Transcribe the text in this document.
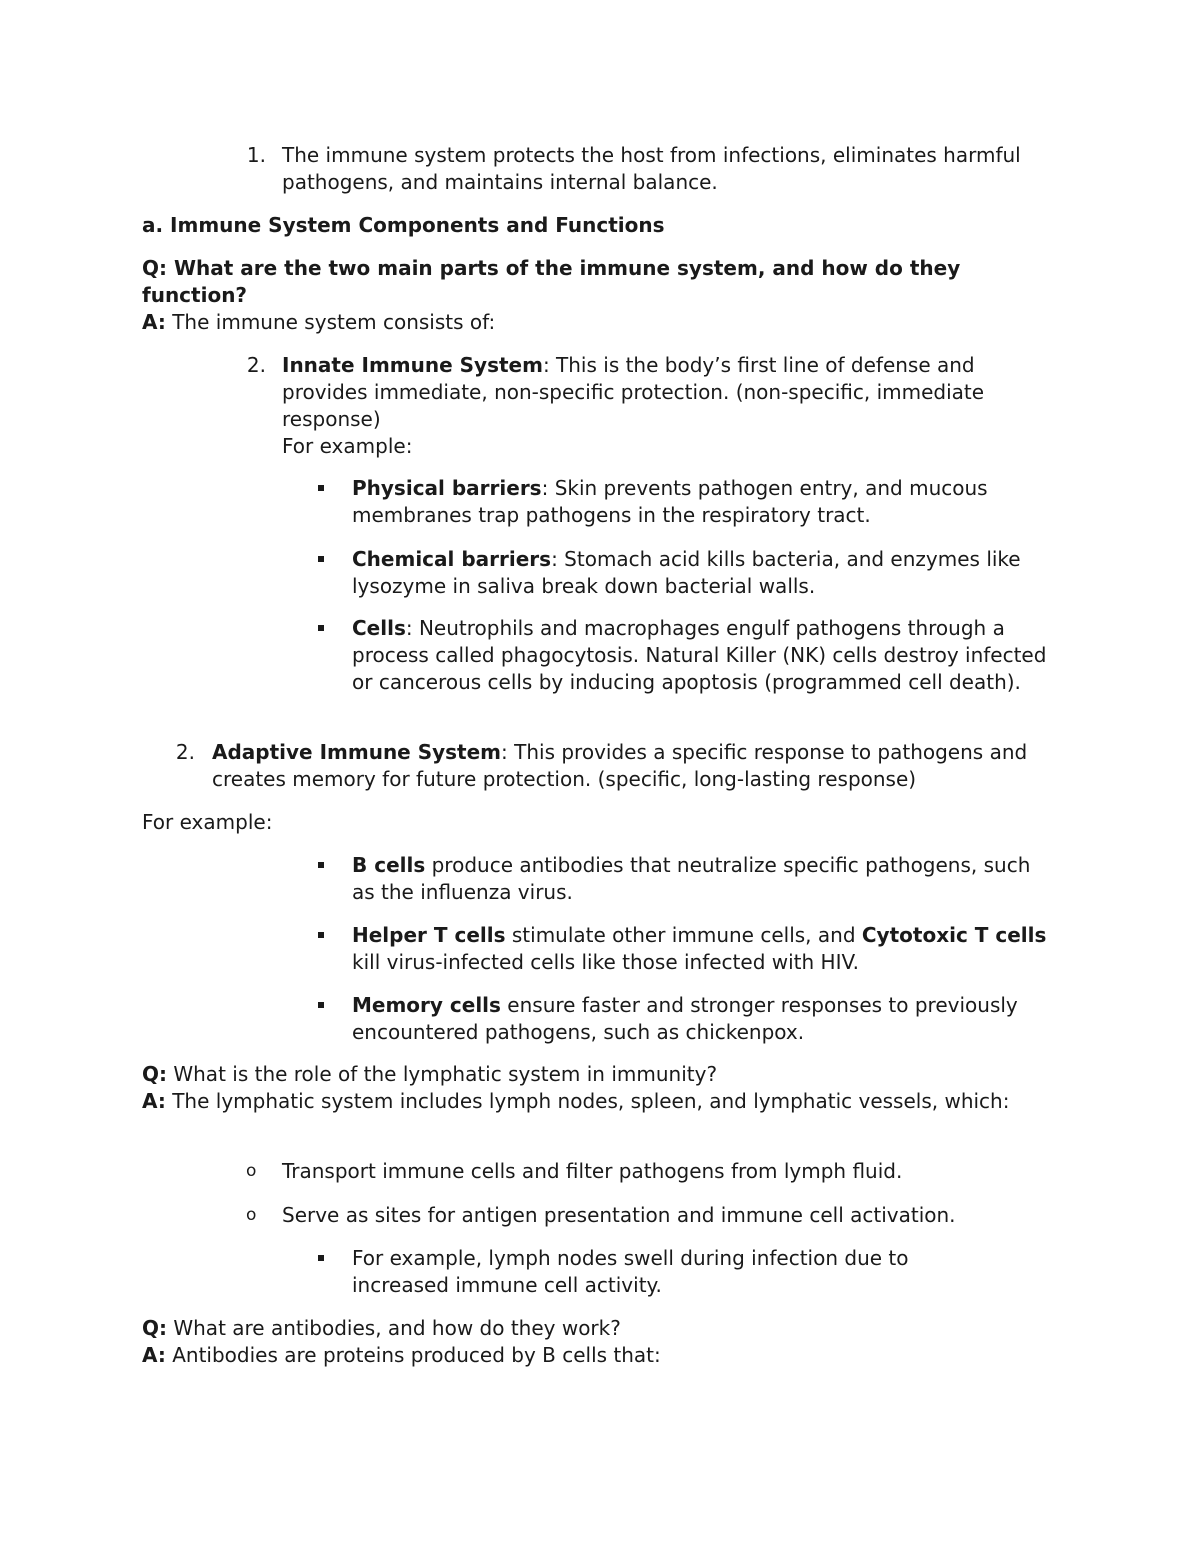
1. The immune system protects the host from infections, eliminates harmful pathogens, and maintains internal balance.

a. Immune System Components and Functions

Q: What are the two main parts of the immune system, and how do they function?

A: The immune system consists of:

2. Innate Immune System: This is the body’s first line of defense and provides immediate, non-specific protection. (non-specific, immediate response)

For example:

Physical barriers: Skin prevents pathogen entry, and mucous membranes trap pathogens in the respiratory tract.

Chemical barriers: Stomach acid kills bacteria, and enzymes like lysozyme in saliva break down bacterial walls.

Cells: Neutrophils and macrophages engulf pathogens through a process called phagocytosis. Natural Killer (NK) cells destroy infected or cancerous cells by inducing apoptosis (programmed cell death).

2. Adaptive Immune System: This provides a specific response to pathogens and creates memory for future protection. (specific, long-lasting response)

For example:

B cells produce antibodies that neutralize specific pathogens, such as the influenza virus.

Helper T cells stimulate other immune cells, and Cytotoxic T cells kill virus-infected cells like those infected with HIV.

Memory cells ensure faster and stronger responses to previously encountered pathogens, such as chickenpox.

Q: What is the role of the lymphatic system in immunity?

A: The lymphatic system includes lymph nodes, spleen, and lymphatic vessels, which:

o Transport immune cells and filter pathogens from lymph fluid.

o Serve as sites for antigen presentation and immune cell activation.

For example, lymph nodes swell during infection due to increased immune cell activity.

Q: What are antibodies, and how do they work?

A: Antibodies are proteins produced by B cells that:
